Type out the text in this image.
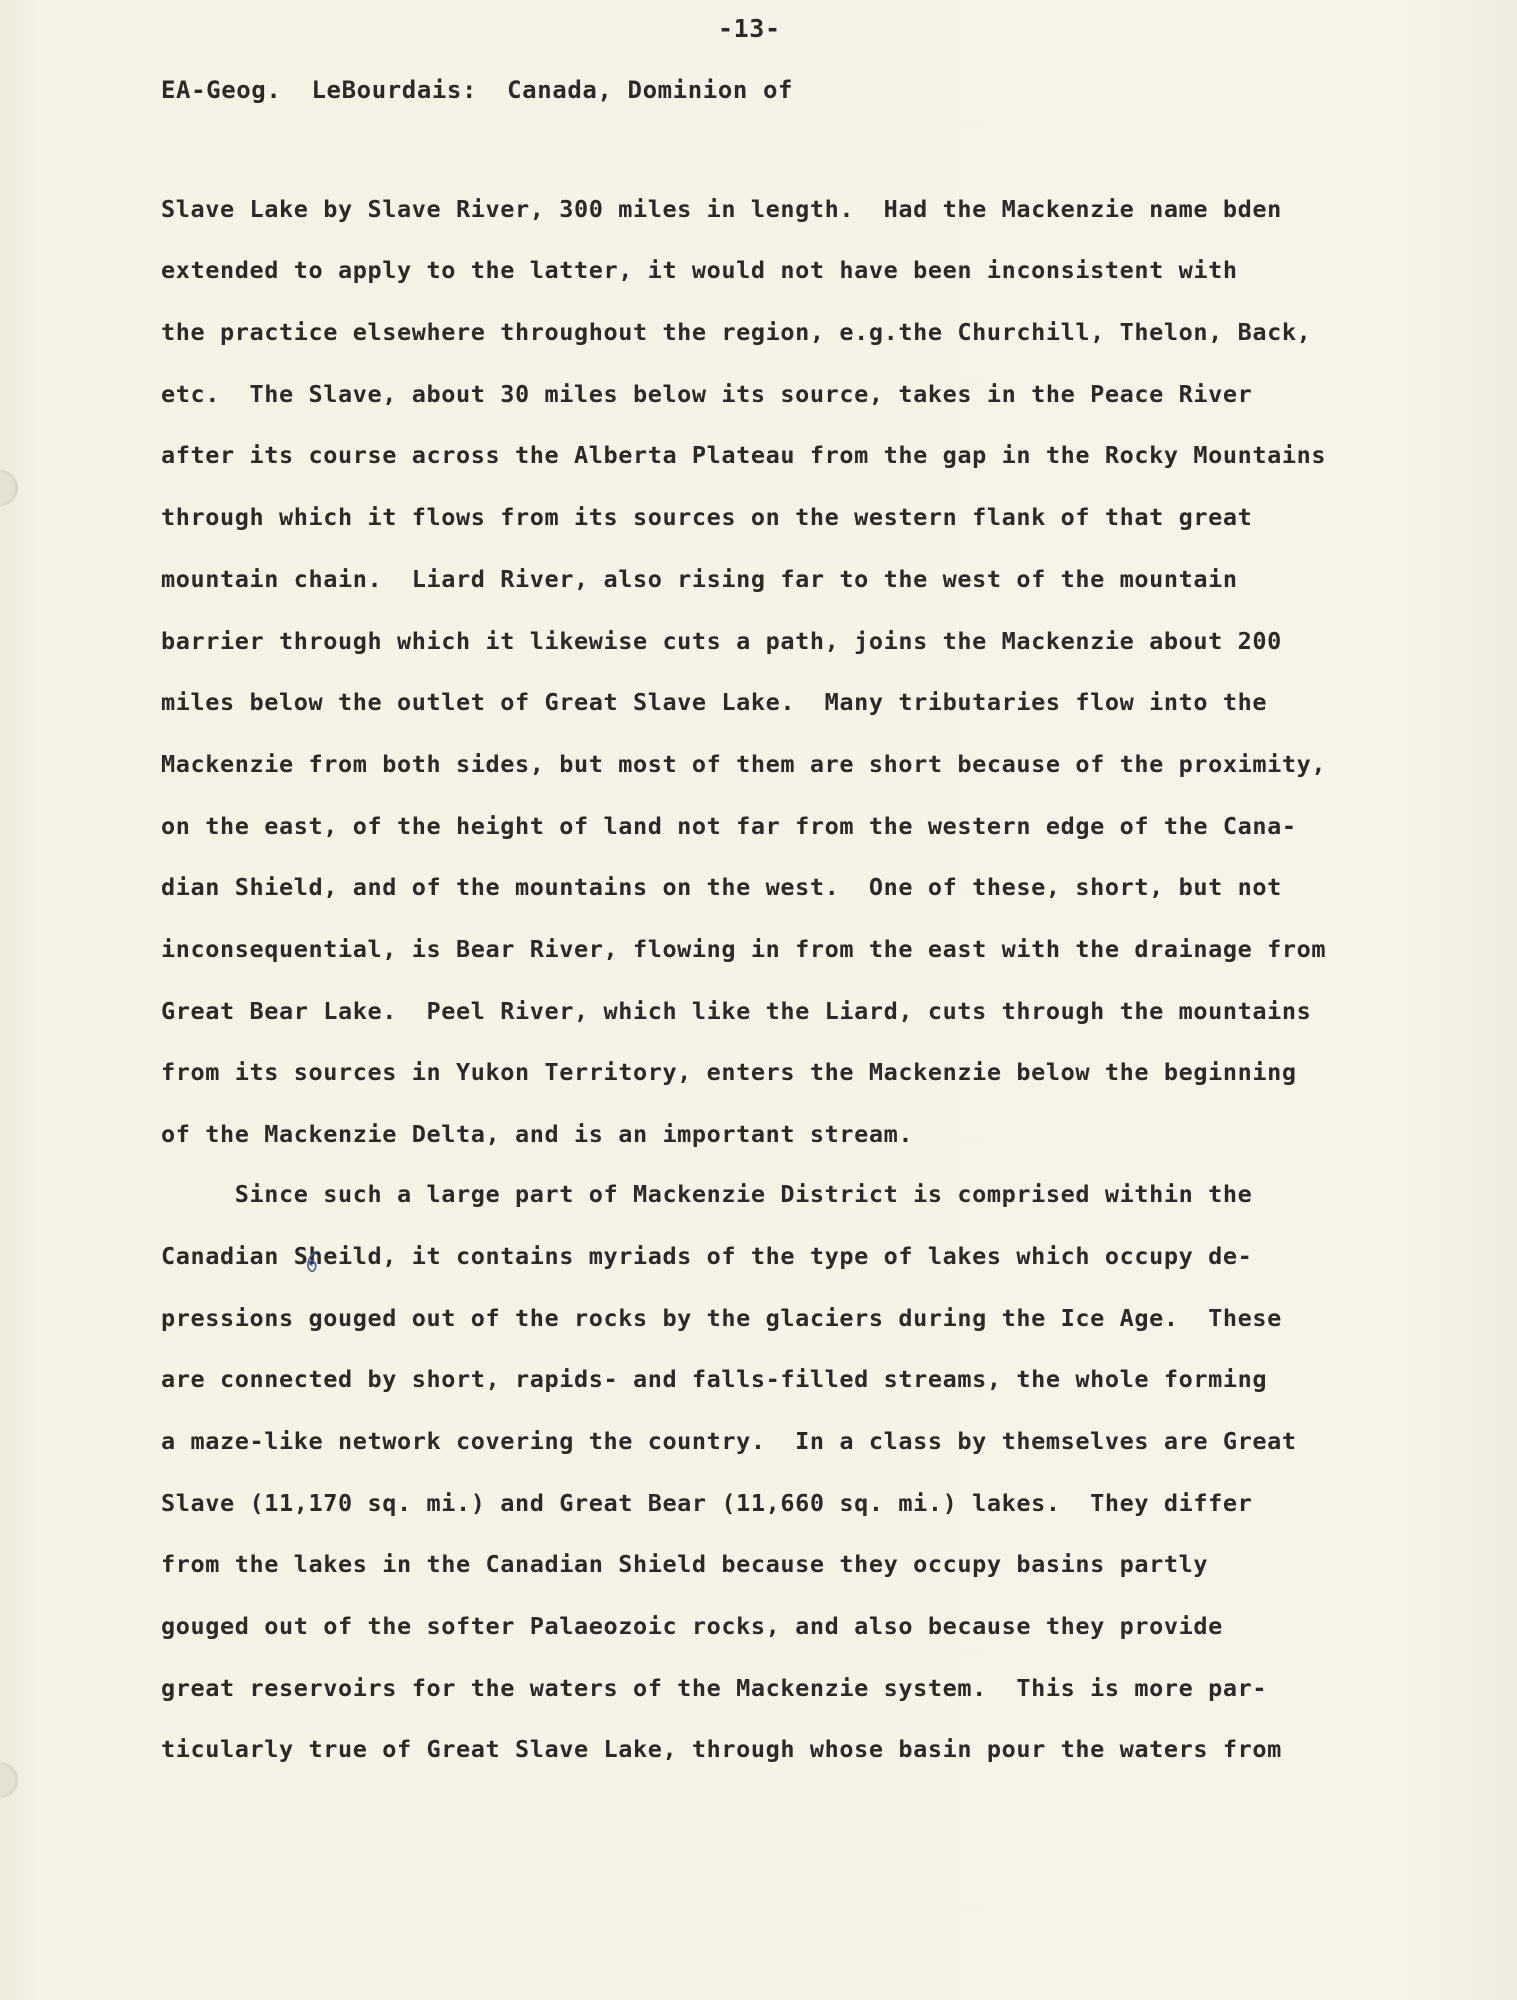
-13-

EA-Geog.  LeBourdais:  Canada, Dominion of

Slave Lake by Slave River, 300 miles in length.  Had the Mackenzie name bden

extended to apply to the latter, it would not have been inconsistent with

the practice elsewhere throughout the region, e.g.the Churchill, Thelon, Back,

etc.  The Slave, about 30 miles below its source, takes in the Peace River

after its course across the Alberta Plateau from the gap in the Rocky Mountains

through which it flows from its sources on the western flank of that great

mountain chain.  Liard River, also rising far to the west of the mountain

barrier through which it likewise cuts a path, joins the Mackenzie about 200

miles below the outlet of Great Slave Lake.  Many tributaries flow into the

Mackenzie from both sides, but most of them are short because of the proximity,

on the east, of the height of land not far from the western edge of the Cana-

dian Shield, and of the mountains on the west.  One of these, short, but not

inconsequential, is Bear River, flowing in from the east with the drainage from

Great Bear Lake.  Peel River, which like the Liard, cuts through the mountains

from its sources in Yukon Territory, enters the Mackenzie below the beginning

of the Mackenzie Delta, and is an important stream.

Since such a large part of Mackenzie District is comprised within the

Canadian Sheild, it contains myriads of the type of lakes which occupy de-

pressions gouged out of the rocks by the glaciers during the Ice Age.  These

are connected by short, rapids- and falls-filled streams, the whole forming

a maze-like network covering the country.  In a class by themselves are Great

Slave (11,170 sq. mi.) and Great Bear (11,660 sq. mi.) lakes.  They differ

from the lakes in the Canadian Shield because they occupy basins partly

gouged out of the softer Palaeozoic rocks, and also because they provide

great reservoirs for the waters of the Mackenzie system.  This is more par-

ticularly true of Great Slave Lake, through whose basin pour the waters from
